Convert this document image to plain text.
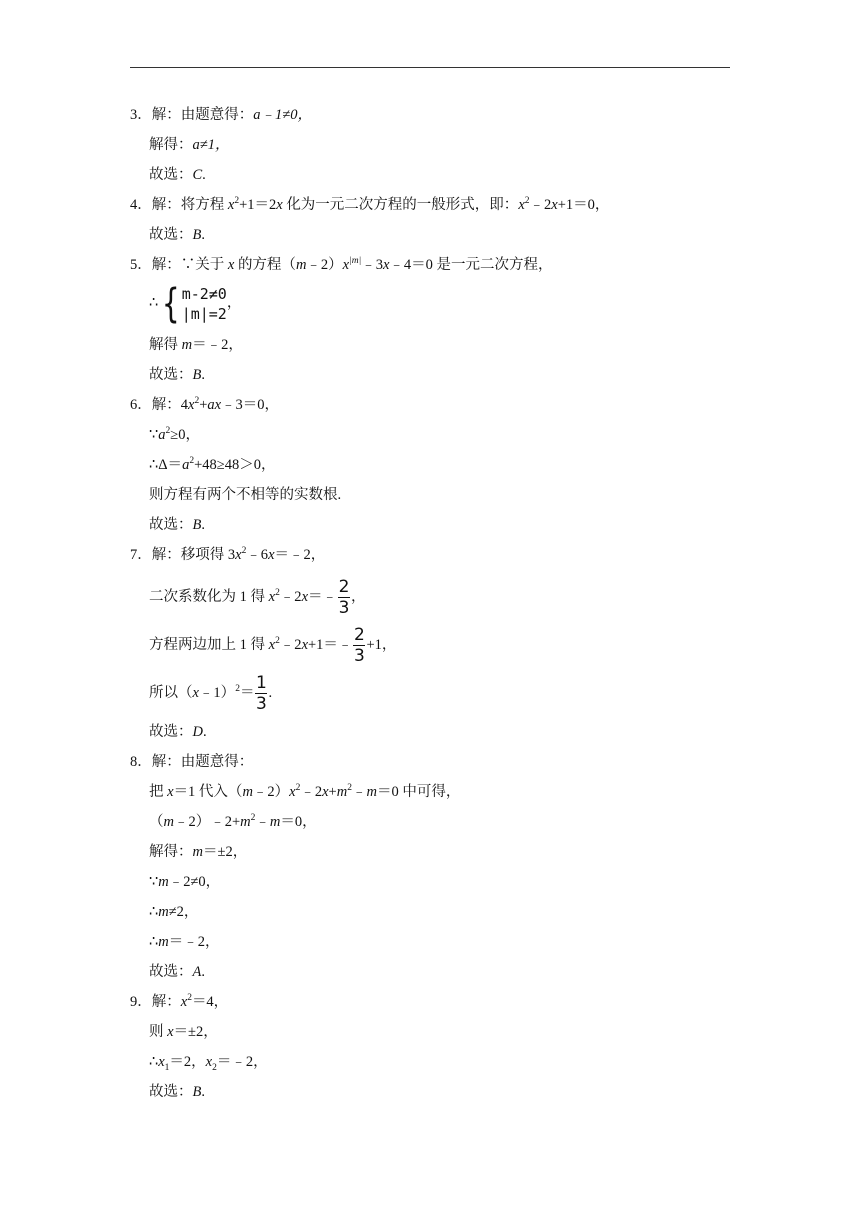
3．解：由题意得：a﹣1≠0，
解得：a≠1，
故选：C.
4．解：将方程 $x^2+1=2x$ 化为一元二次方程的一般形式，即：$x^2﹣2x+1=0$，
故选：B.
5．解：∵关于 x 的方程$(m﹣2)x^{|m|}﹣3x﹣4=0$ 是一元二次方程，
∴ { m-2≠0
|m|=2
，
解得 m＝﹣2，
故选：B.
6．解：$4x^2+ax﹣3=0$，
$\because a^2\ge 0$，
$\therefore\Delta=a^2+48\ge 48>0$，
则方程有两个不相等的实数根.
故选：B.
7．解：移项得 $3x^2﹣6x=﹣2$，
二次系数化为 1 得 $x^2﹣2x=﹣ \frac{2}{3}$ ，
方程两边加上 1 得 $x^2﹣2x+1=﹣ \frac{2}{3} +1$，
所以（x﹣1）$^2$＝ $\frac{1}{3}$ .
故选：D.
8．解：由题意得：
把 x＝1 代入$(m﹣2)x^2﹣2x+m^2﹣m=0$ 中可得，
$(m﹣2)﹣2+m^2﹣m=0$，
解得：m＝±2，
∵m﹣2≠0，
∴m≠2，
∴m＝﹣2，
故选：A.
9．解：$x^2=4$，
则 x＝±2，
$\therefore x_1=2$，$x_2=﹣2$，
故选：B.
